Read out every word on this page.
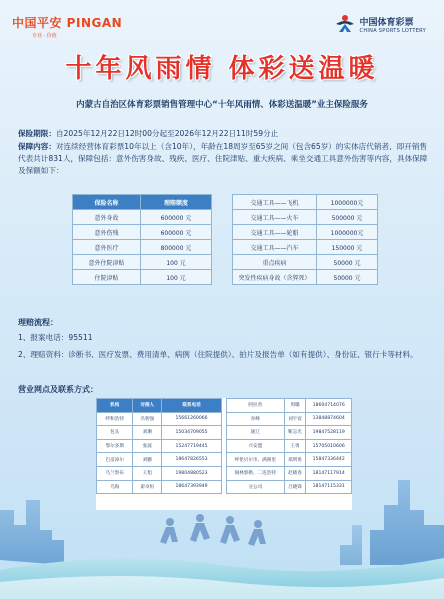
中国平安 PINGAN
专业 · 价值
中国体育彩票
CHINA SPORTS LOTTERY
十年风雨情 体彩送温暖
内蒙古自治区体育彩票销售管理中心“十年风雨情、体彩送温暖”业主保险服务
保险期限：自2025年12月22日12时00分起至2026年12月22日11时59分止
保障内容：对连续经营体育彩票10年以上（含10年），年龄在18周岁至65岁之间（包含65岁）的实体店代销者、即开销售代表共计831人，保障包括：意外伤害身故、残疾、医疗、住院津贴、重大疾病、乘坐交通工具意外伤害等内容，具体保障及保额如下：
保险名称	理赔额度
意外身故	600000 元
意外伤残	600000 元
意外医疗	800000 元
意外住院津贴	100 元
住院津贴	100 元
交通工具——飞机	1000000元
交通工具——火车	500000 元
交通工具——轮船	1000000元
交通工具——汽车	150000 元
重点疾病	50000 元
突发性疾病身故（含猝死）	50000 元
理赔流程：
1、报案电话：95511
2、理赔资料：诊断书、医疗发票、费用清单、病例（住院提供）、拍片及报告单（如有提供）、身份证、银行卡等材料。
营业网点及联系方式：
机构	对接人	联系电话
呼和浩特	冯智强	15661260066
包头	刘珊	15034709055
鄂尔多斯	张波	15247719445
巴彦淖尔	刘鹏	18647826553
乌兰察布	王旭	19804880523
乌海	翟卓恒	18647393949
阿拉善	周璐	18604714076
赤峰	刘宇宸	13848874604
通辽	靳志光	19847528119
兴安盟	王勇	15705010606
呼伦贝尔市、满洲里	郑明勇	15847336442
锡林郭勒、二连浩特	赵晓春	18147117914
分公司	吕晓锋	18147115331
